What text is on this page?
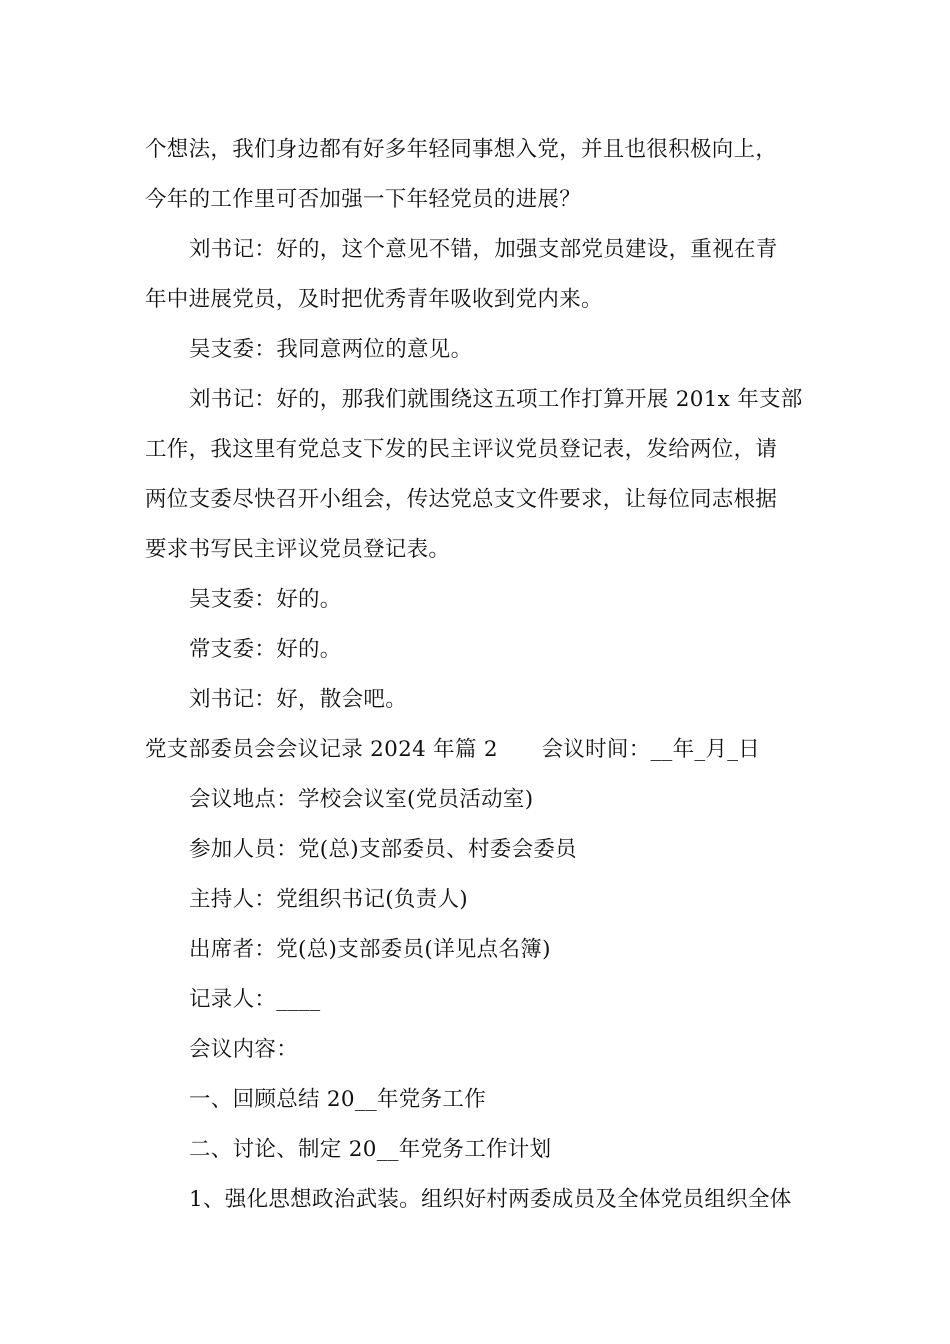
个想法，我们身边都有好多年轻同事想入党，并且也很积极向上，
今年的工作里可否加强一下年轻党员的进展？
刘书记：好的，这个意见不错，加强支部党员建设，重视在青
年中进展党员，及时把优秀青年吸收到党内来。
吴支委：我同意两位的意见。
刘书记：好的，那我们就围绕这五项工作打算开展 201x 年支部
工作，我这里有党总支下发的民主评议党员登记表，发给两位，请
两位支委尽快召开小组会，传达党总支文件要求，让每位同志根据
要求书写民主评议党员登记表。
吴支委：好的。
常支委：好的。
刘书记：好，散会吧。
党支部委员会会议记录 2024 年篇 2　　会议时间：__年_月_日
会议地点：学校会议室(党员活动室)
参加人员：党(总)支部委员、村委会委员
主持人：党组织书记(负责人)
出席者：党(总)支部委员(详见点名簿)
记录人：____
会议内容：
一、回顾总结 20__年党务工作
二、讨论、制定 20__年党务工作计划
1、强化思想政治武装。组织好村两委成员及全体党员组织全体
